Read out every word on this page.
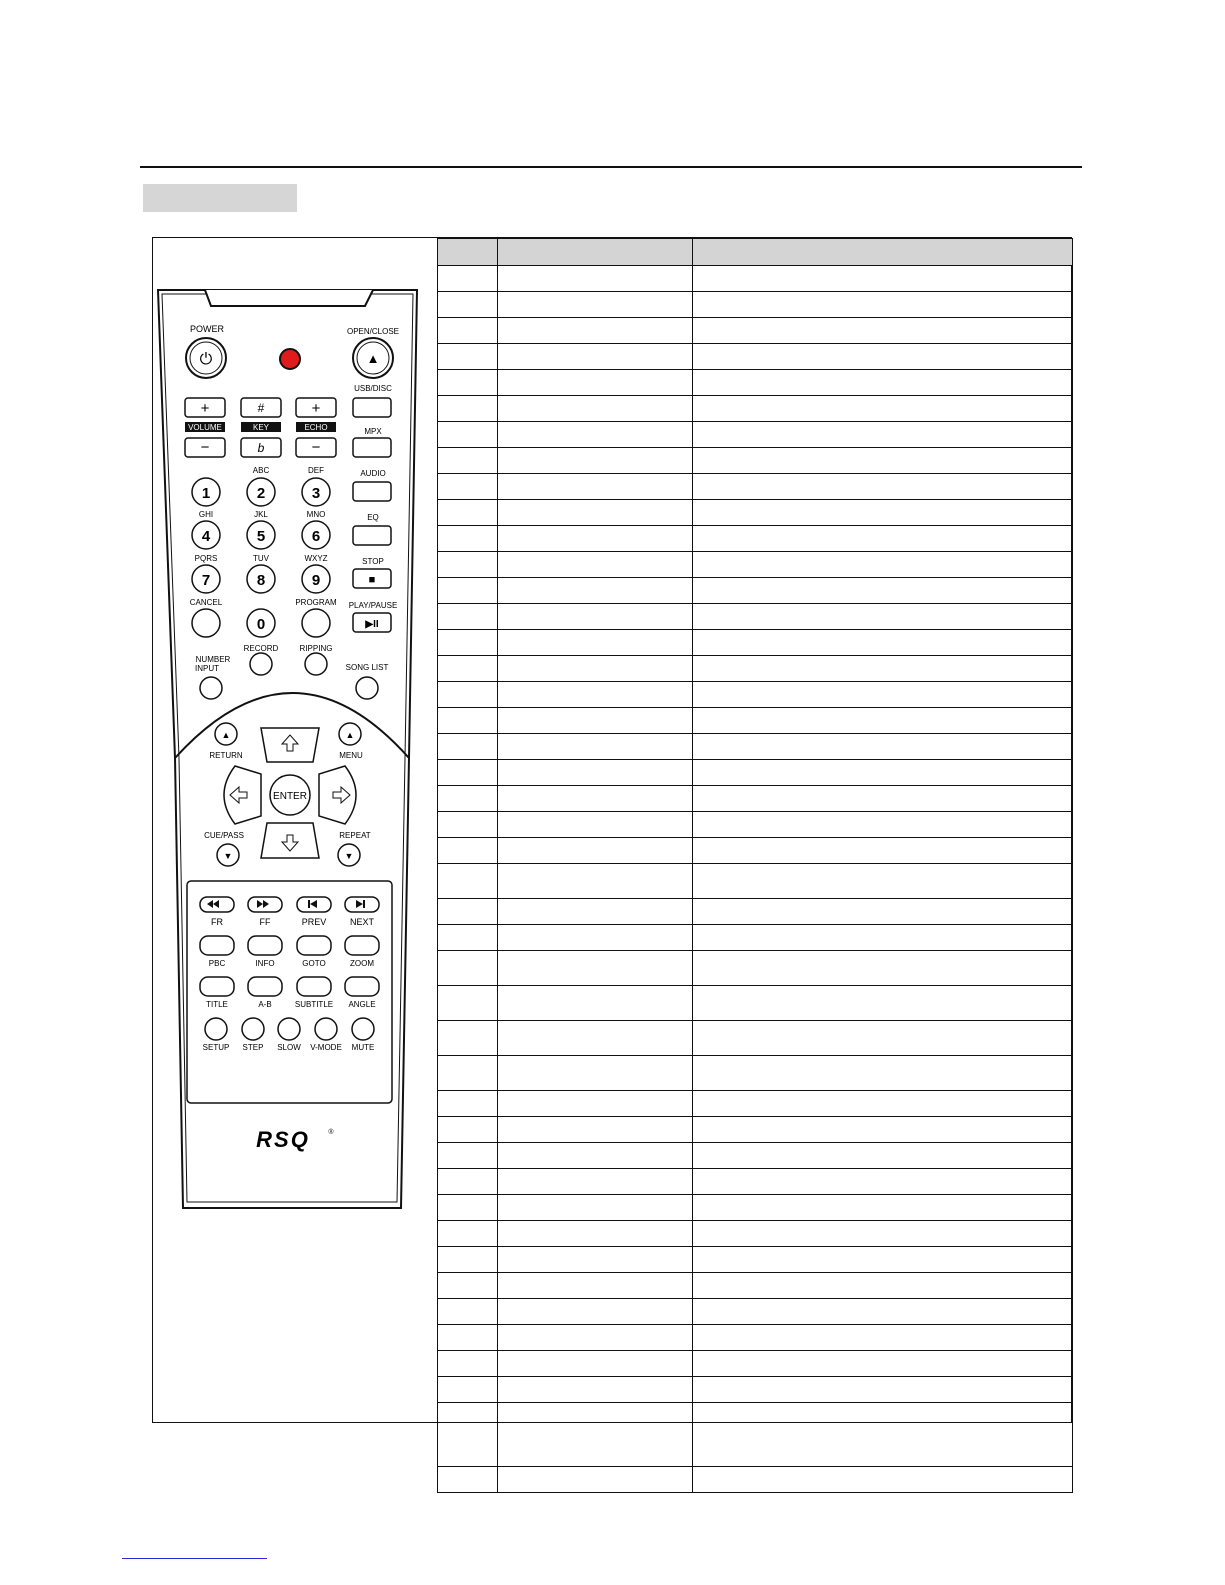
POWER
⏻
OPEN/CLOSE
▲
USB/DISC
+	#	+
VOLUME	KEY	ECHO	MPX
−	b	−
ABC	DEF	AUDIO
1	2	3
GHI	JKL	MNO	EQ
4	5	6
PQRS	TUV	WXYZ	STOP
7	8	9	■
CANCEL	PROGRAM PLAY/PAUSE
0	▶II
RECORD	RIPPING
NUMBER
INPUT	SONG LIST
▲
RETURN
▲
MENU
ENTER
CUE/PASS
▼
REPEAT
▼
FR	FF	PREV	NEXT
PBC	INFO	GOTO	ZOOM
TITLE	A-B	SUBTITLE ANGLE
SETUP STEP SLOW V-MODE MUTE
RSQ	®
